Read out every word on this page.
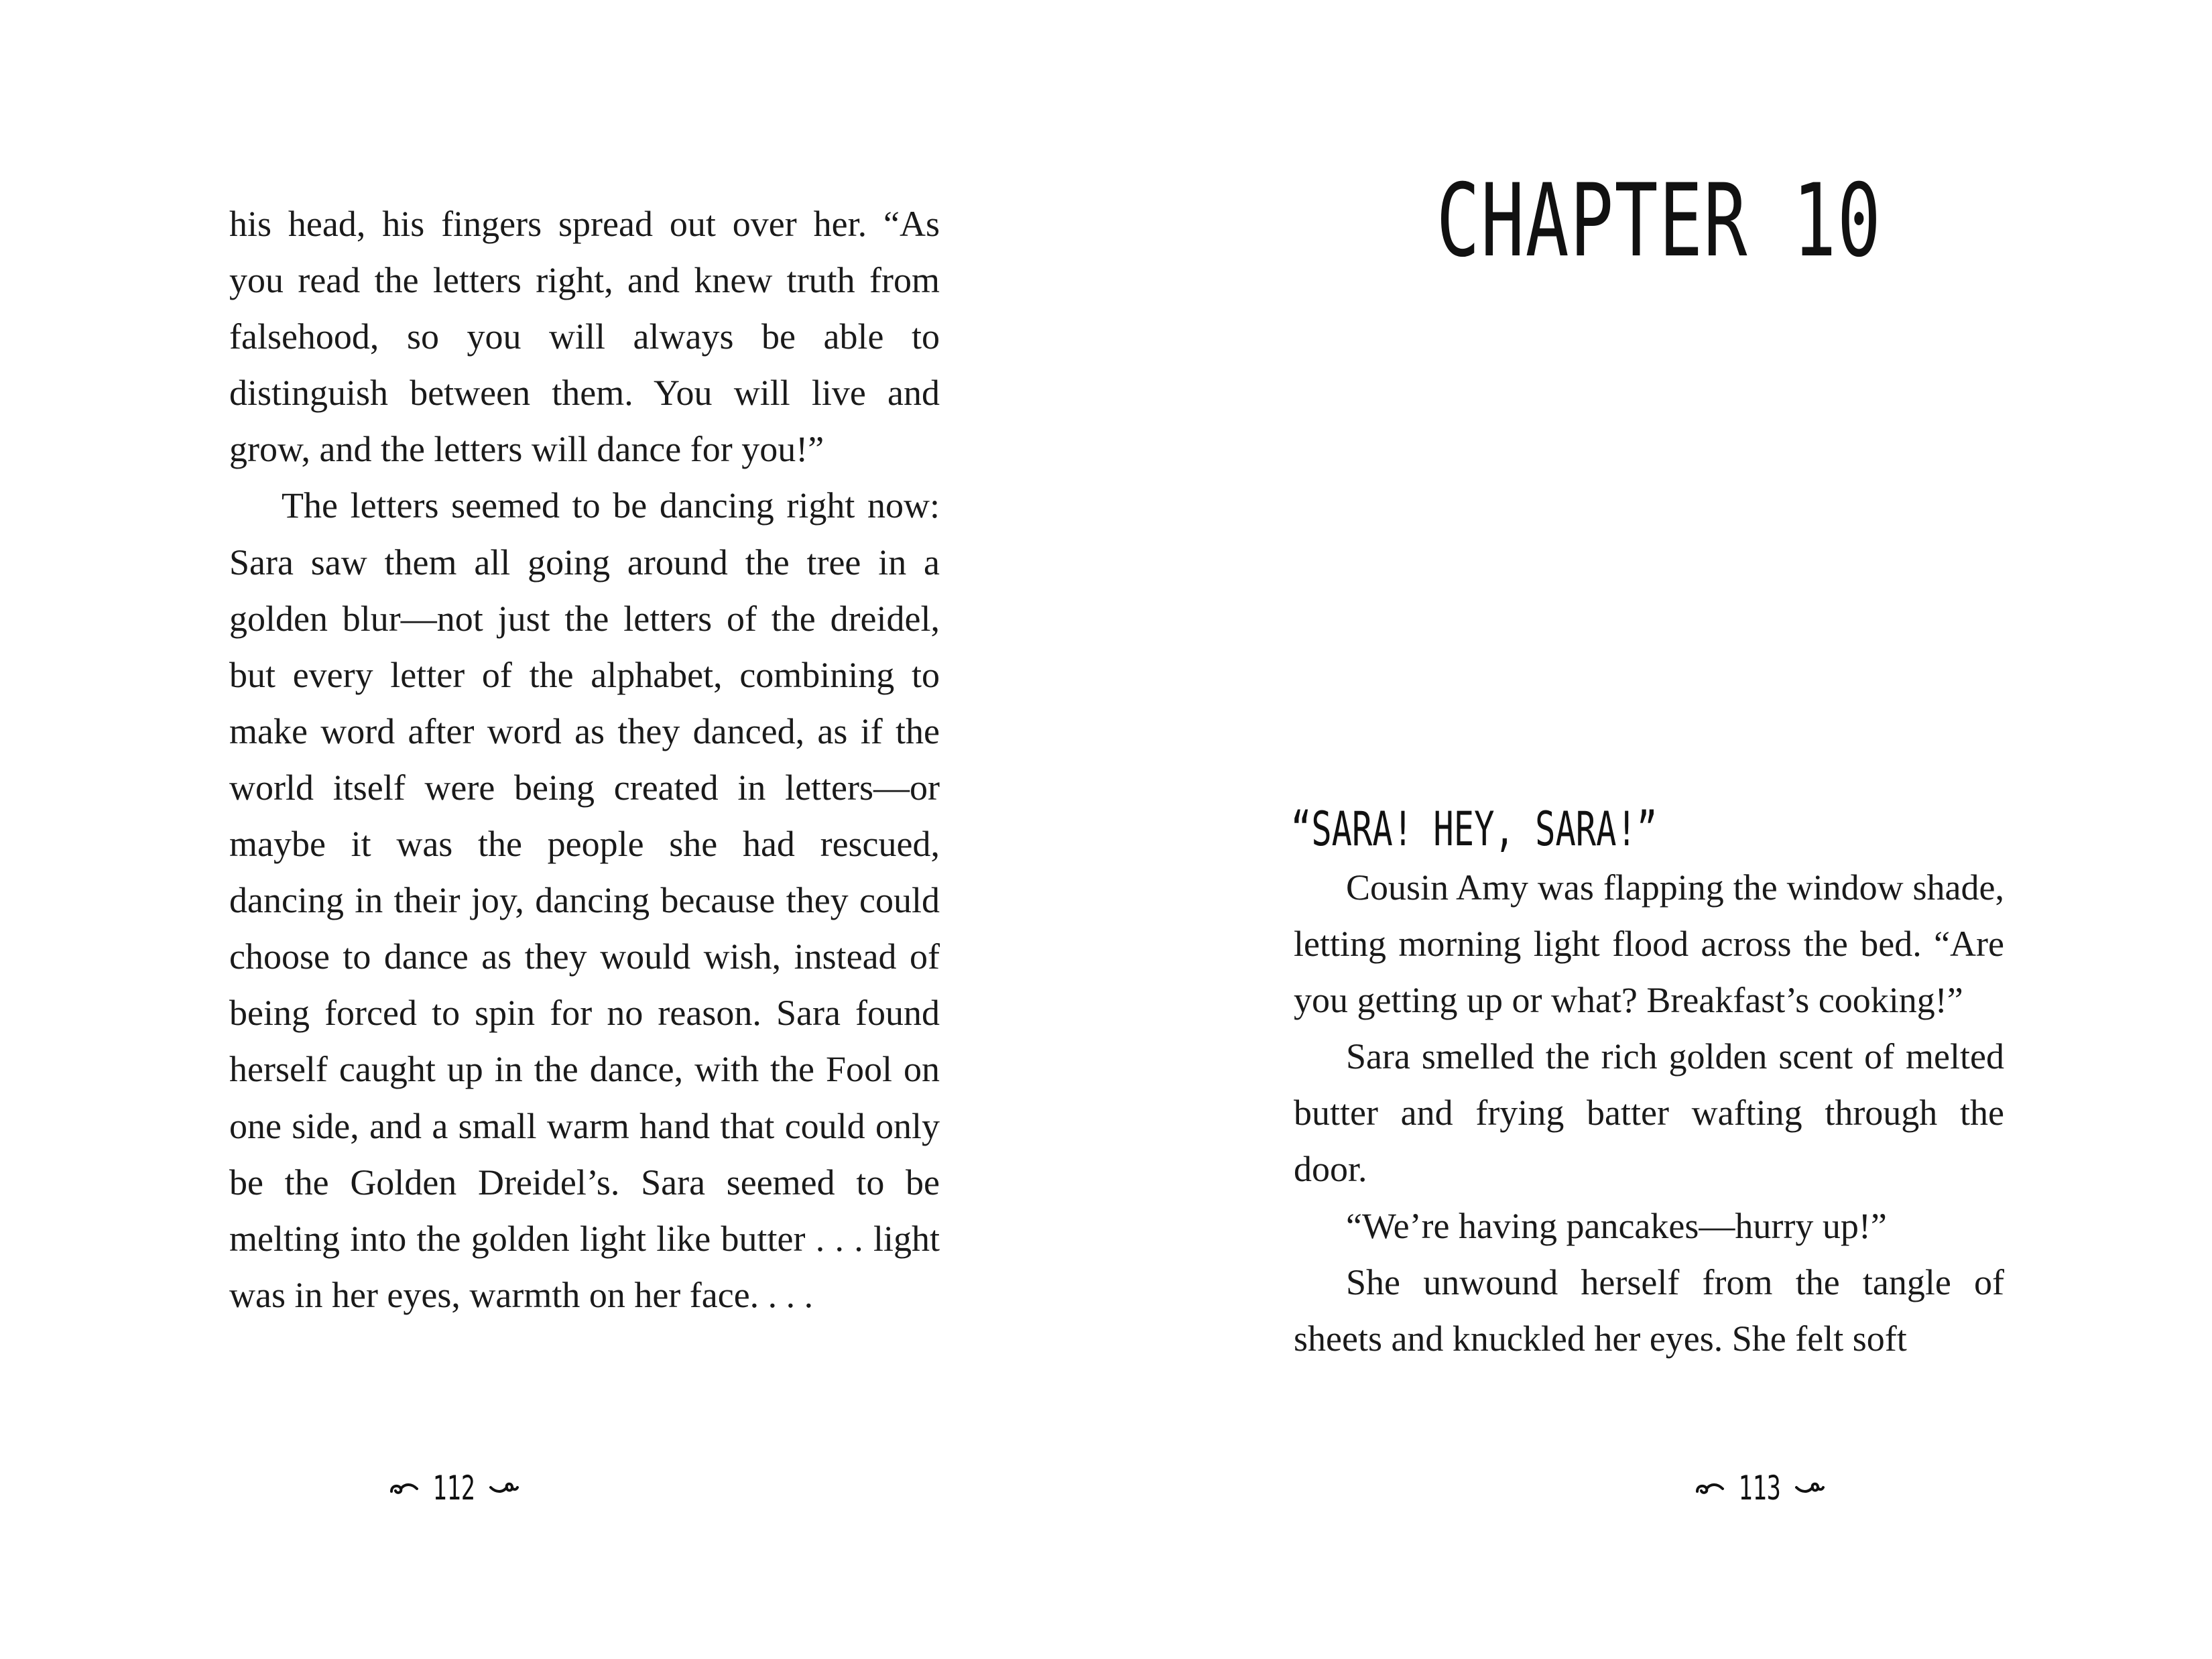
his head, his fingers spread out over her. “As you read the letters right, and knew truth from falsehood, so you will always be able to distinguish between them. You will live and grow, and the letters will dance for you!”

The letters seemed to be dancing right now: Sara saw them all going around the tree in a golden blur—not just the letters of the dreidel, but every letter of the alphabet, combining to make word after word as they danced, as if the world itself were being created in letters—or maybe it was the people she had rescued, dancing in their joy, dancing because they could choose to dance as they would wish, instead of being forced to spin for no reason. Sara found herself caught up in the dance, with the Fool on one side, and a small warm hand that could only be the Golden Dreidel’s. Sara seemed to be melting into the golden light like butter . . . light was in her eyes, warmth on her face. . . .

112
CHAPTER 10
“SARA! HEY, SARA!”

Cousin Amy was flapping the window shade, letting morning light flood across the bed. “Are you getting up or what? Breakfast’s cooking!”

Sara smelled the rich golden scent of melted butter and frying batter wafting through the door.

“We’re having pancakes—hurry up!”

She unwound herself from the tangle of sheets and knuckled her eyes. She felt soft

113
